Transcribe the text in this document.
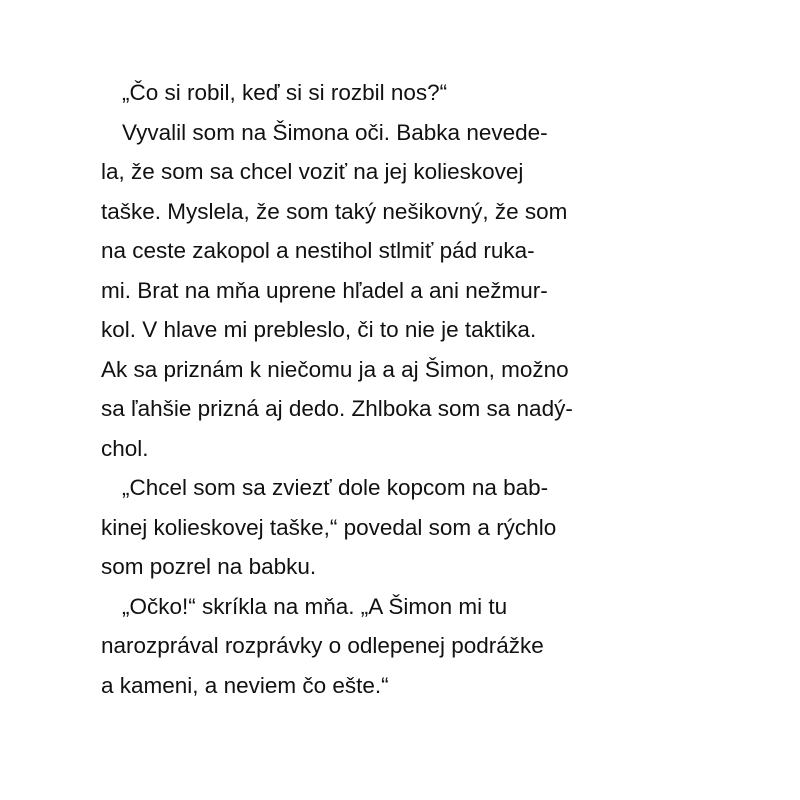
„Čo si robil, keď si si rozbil nos?“
Vyvalil som na Šimona oči. Babka nevede-
la, že som sa chcel voziť na jej kolieskovej
taške. Myslela, že som taký nešikovný, že som
na ceste zakopol a nestihol stlmiť pád ruka-
mi. Brat na mňa uprene hľadel a ani nežmur-
kol. V hlave mi prebleslo, či to nie je taktika.
Ak sa priznám k niečomu ja a aj Šimon, možno
sa ľahšie prizná aj dedo. Zhlboka som sa nadý-
chol.
„Chcel som sa zviezť dole kopcom na bab-
kinej kolieskovej taške,“ povedal som a rýchlo
som pozrel na babku.
„Očko!“ skríkla na mňa. „A Šimon mi tu
narozprával rozprávky o odlepenej podrážke
a kameni, a neviem čo ešte.“
